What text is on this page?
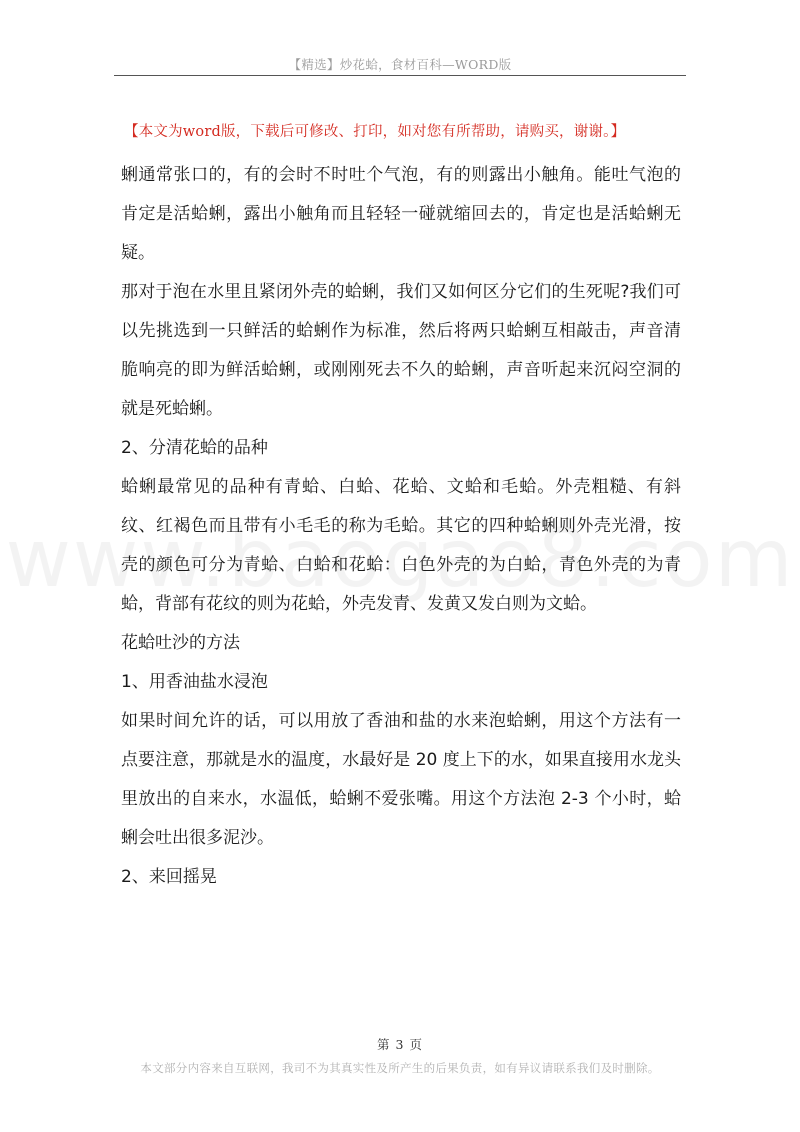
【精选】炒花蛤，食材百科—WORD版
【本文为word版，下载后可修改、打印，如对您有所帮助，请购买，谢谢。】

蜊通常张口的，有的会时不时吐个气泡，有的则露出小触角。能吐气泡的肯定是活蛤蜊，露出小触角而且轻轻一碰就缩回去的，肯定也是活蛤蜊无疑。

那对于泡在水里且紧闭外壳的蛤蜊，我们又如何区分它们的生死呢?我们可以先挑选到一只鲜活的蛤蜊作为标准，然后将两只蛤蜊互相敲击，声音清脆响亮的即为鲜活蛤蜊，或刚刚死去不久的蛤蜊，声音听起来沉闷空洞的就是死蛤蜊。

2、分清花蛤的品种

蛤蜊最常见的品种有青蛤、白蛤、花蛤、文蛤和毛蛤。外壳粗糙、有斜纹、红褐色而且带有小毛毛的称为毛蛤。其它的四种蛤蜊则外壳光滑，按壳的颜色可分为青蛤、白蛤和花蛤：白色外壳的为白蛤，青色外壳的为青蛤，背部有花纹的则为花蛤，外壳发青、发黄又发白则为文蛤。

花蛤吐沙的方法

1、用香油盐水浸泡

如果时间允许的话，可以用放了香油和盐的水来泡蛤蜊，用这个方法有一点要注意，那就是水的温度，水最好是 20 度上下的水，如果直接用水龙头里放出的自来水，水温低，蛤蜊不爱张嘴。用这个方法泡 2-3 个小时，蛤蜊会吐出很多泥沙。

2、来回摇晃

第 3 页
本文部分内容来自互联网，我司不为其真实性及所产生的后果负责，如有异议请联系我们及时删除。
